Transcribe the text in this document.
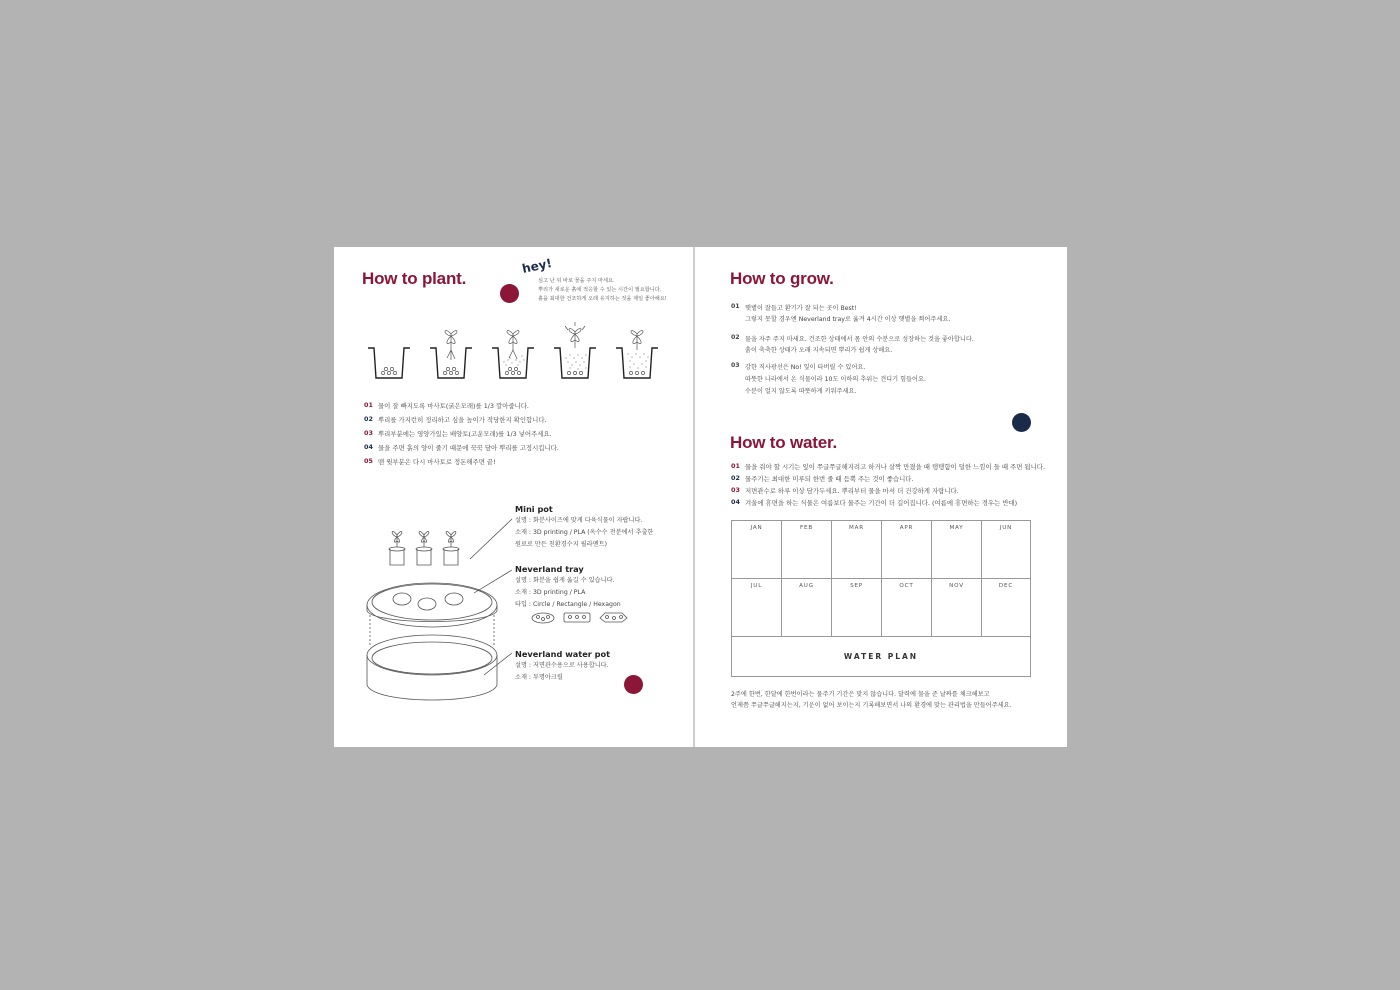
How to plant.
hey!
심고 난 뒤 바로 물을 주지 마세요.
뿌리가 새로운 흙에 적응할 수 있는 시간이 필요합니다.
흙을 최대한 건조하게 오래 유지하는 것을 제일 좋아해요!
01 물이 잘 빠지도록 마사토(굵은모래)를 1/3 깔아줍니다.
02 뿌리를 가지런히 정리하고 심을 높이가 적당한지 확인합니다.
03 뿌리부분에는 영양가있는 배양토(고운모래)를 1/3 넣어주세요.
04 물을 주면 흙의 양이 줄기 때문에 꾹꾹 담아 뿌리를 고정시킵니다.
05 맨 윗부분은 다시 마사토로 정돈해주면 끝!
Mini pot
설명 : 화분사이즈에 맞게 다육식물이 자랍니다.
소재 : 3D printing / PLA (옥수수 전분에서 추출한
원료로 만든 친환경수지 필라멘트)
Neverland tray
설명 : 화분을 쉽게 옮길 수 있습니다.
소재 : 3D printing / PLA
타입 : Circle / Rectangle / Hexagon
Neverland water pot
설명 : 저면관수용으로 사용합니다.
소재 : 투명아크릴
How to grow.
01 햇볕이 잘들고 환기가 잘 되는 곳이 Best!
그렇지 못할 경우엔 Neverland tray로 옮겨 4시간 이상 햇볕을 쬐어주세요.
02 물을 자주 주지 마세요. 건조한 상태에서 몸 안의 수분으로 성장하는 것을 좋아합니다.
흙이 축축한 상태가 오래 지속되면 뿌리가 쉽게 상해요.
03 강한 직사광선은 No! 잎이 타버릴 수 있어요.
따뜻한 나라에서 온 식물이라 10도 이하의 추위는 견디기 힘들어요.
수분이 얼지 않도록 따뜻하게 키워주세요.
How to water.
01 물을 줘야 할 시기는 잎이 쭈글쭈글해지려고 하거나 살짝 만졌을 때 탱탱함이 덜한 느낌이 들 때 주면 됩니다.
02 물주기는 최대한 미루되 한번 줄 때 듬뿍 주는 것이 좋습니다.
03 저면관수로 하루 이상 담가두세요. 뿌리부터 물을 마셔 더 건강하게 자랍니다.
04 겨울에 휴면을 하는 식물은 여름보다 물주는 기간이 더 길어집니다. (여름에 휴면하는 경우는 반대)
JAN	FEB	MAR	APR	MAY	JUN
JUL	AUG	SEP	OCT	NOV	DEC
WATER PLAN
2주에 한번, 한달에 한번이라는 물주기 기간은 맞지 않습니다. 달력에 물을 준 날짜를 체크해보고
언제쯤 쭈글쭈글해지는지, 기운이 없어 보이는지 기록해보면서 나의 환경에 맞는 관리법을 만들어주세요.
